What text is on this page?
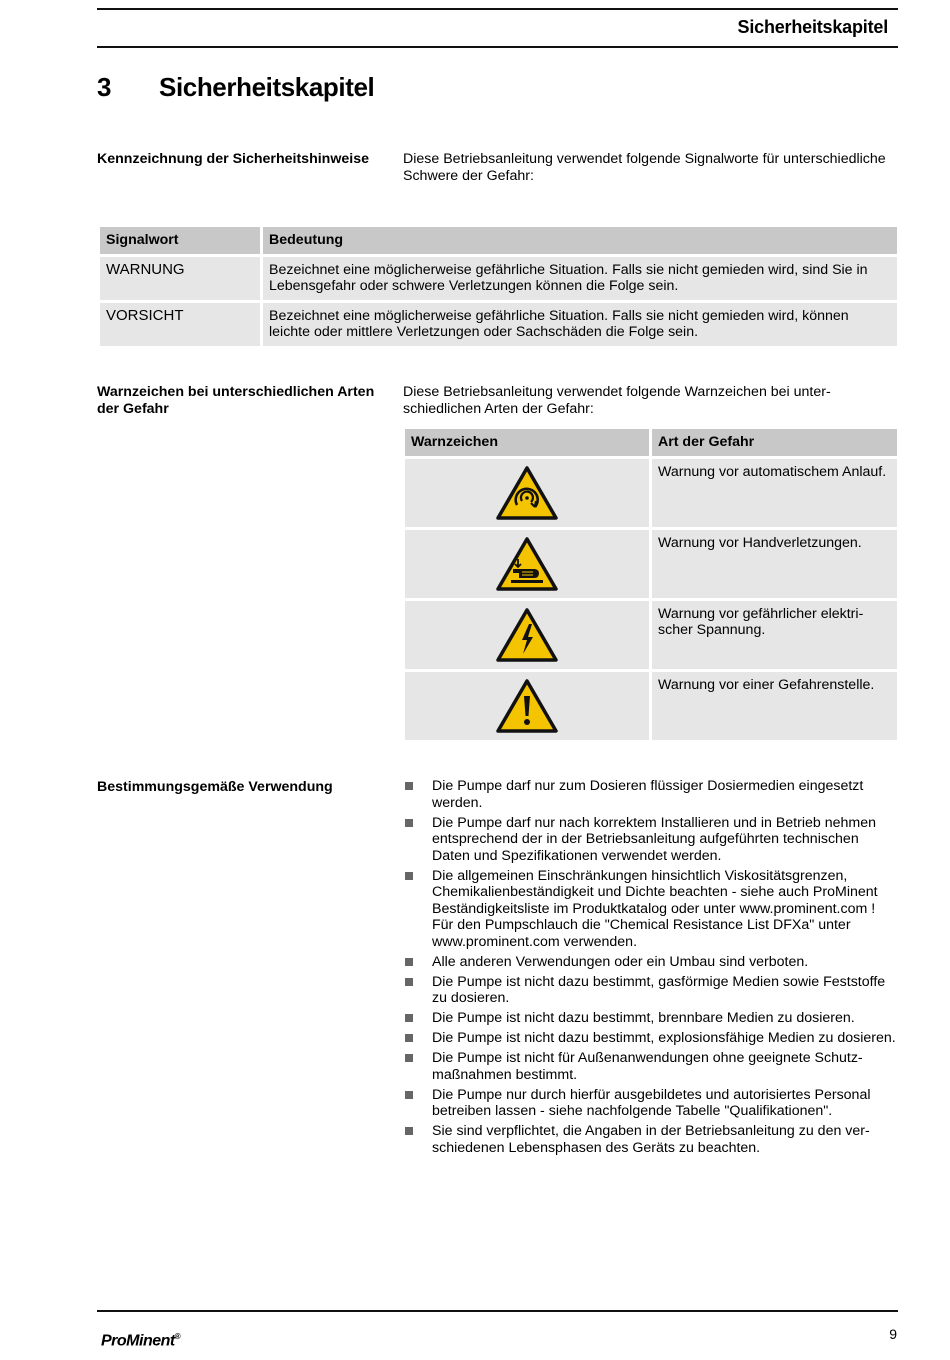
Sicherheitskapitel
3 Sicherheitskapitel
Kennzeichnung der Sicherheitshinweise	Diese Betriebsanleitung verwendet folgende Signalworte für unterschiedliche Schwere der Gefahr:
Signalwort	Bedeutung

WARNUNG	Bezeichnet eine möglicherweise gefährliche Situation. Falls sie nicht gemieden wird, sind Sie in Lebensgefahr oder schwere Verletzungen können die Folge sein.

VORSICHT	Bezeichnet eine möglicherweise gefährliche Situation. Falls sie nicht gemieden wird, können leichte oder mittlere Verletzungen oder Sachschäden die Folge sein.
Warnzeichen bei unterschiedlichen Arten der Gefahr
Diese Betriebsanleitung verwendet folgende Warnzeichen bei unterschiedlichen Arten der Gefahr:
Warnzeichen	Art der Gefahr

Warnung vor automatischem Anlauf.

Warnung vor Handverletzungen.

Warnung vor gefährlicher elektrischer Spannung.

Warnung vor einer Gefahrenstelle.
Bestimmungsgemäße Verwendung	Die Pumpe darf nur zum Dosieren flüssiger Dosiermedien eingesetzt werden.
Die Pumpe darf nur nach korrektem Installieren und in Betrieb nehmen entsprechend der in der Betriebsanleitung aufgeführten technischen Daten und Spezifikationen verwendet werden.
Die allgemeinen Einschränkungen hinsichtlich Viskositätsgrenzen, Chemikalienbeständigkeit und Dichte beachten - siehe auch ProMinent Beständigkeitsliste im Produktkatalog oder unter www.prominent.com ! Für den Pumpschlauch die "Chemical Resistance List DFXa" unter www.prominent.com verwenden.
Alle anderen Verwendungen oder ein Umbau sind verboten.
Die Pumpe ist nicht dazu bestimmt, gasförmige Medien sowie Feststoffe zu dosieren.
Die Pumpe ist nicht dazu bestimmt, brennbare Medien zu dosieren.
Die Pumpe ist nicht dazu bestimmt, explosionsfähige Medien zu dosieren.
Die Pumpe ist nicht für Außenanwendungen ohne geeignete Schutzmaßnahmen bestimmt.
Die Pumpe nur durch hierfür ausgebildetes und autorisiertes Personal betreiben lassen - siehe nachfolgende Tabelle "Qualifikationen".
Sie sind verpflichtet, die Angaben in der Betriebsanleitung zu den verschiedenen Lebensphasen des Geräts zu beachten.
ProMinent®	9
